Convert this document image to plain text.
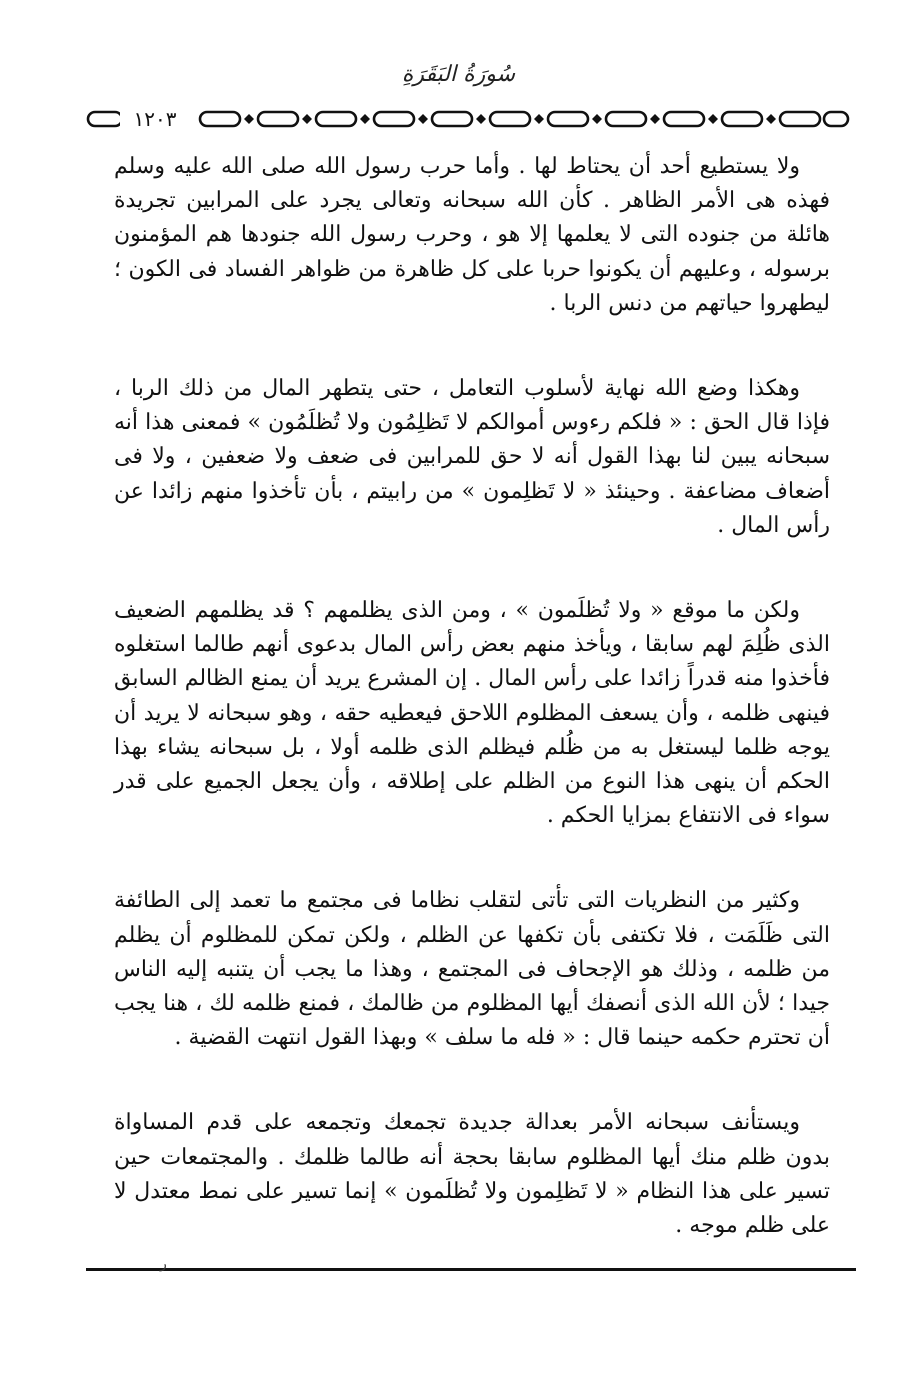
سُورَةُ البَقَرَةِ
١٢٠٣

ولا يستطيع أحد أن يحتاط لها . وأما حرب رسول الله صلى الله عليه وسلم فهذه هى الأمر الظاهر . كأن الله سبحانه وتعالى يجرد على المرابين تجريدة هائلة من جنوده التى لا يعلمها إلا هو ، وحرب رسول الله جنودها هم المؤمنون برسوله ، وعليهم أن يكونوا حربا على كل ظاهرة من ظواهر الفساد فى الكون ؛ ليطهروا حياتهم من دنس الربا .

وهكذا وضع الله نهاية لأسلوب التعامل ، حتى يتطهر المال من ذلك الربا ، فإذا قال الحق : « فلكم رءوس أموالكم لا تَظلِمُون ولا تُظلَمُون » فمعنى هذا أنه سبحانه يبين لنا بهذا القول أنه لا حق للمرابين فى ضعف ولا ضعفين ، ولا فى أضعاف مضاعفة . وحينئذ « لا تَظلِمون » من رابيتم ، بأن تأخذوا منهم زائدا عن رأس المال .

ولكن ما موقع « ولا تُظلَمون » ، ومن الذى يظلمهم ؟ قد يظلمهم الضعيف الذى ظُلِمَ لهم سابقا ، ويأخذ منهم بعض رأس المال بدعوى أنهم طالما استغلوه فأخذوا منه قدراً زائدا على رأس المال . إن المشرع يريد أن يمنع الظالم السابق فينهى ظلمه ، وأن يسعف المظلوم اللاحق فيعطيه حقه ، وهو سبحانه لا يريد أن يوجه ظلما ليستغل به من ظُلم فيظلم الذى ظلمه أولا ، بل سبحانه يشاء بهذا الحكم أن ينهى هذا النوع من الظلم على إطلاقه ، وأن يجعل الجميع على قدر سواء فى الانتفاع بمزايا الحكم .

وكثير من النظريات التى تأتى لتقلب نظاما فى مجتمع ما تعمد إلى الطائفة التى ظَلَمَت ، فلا تكتفى بأن تكفها عن الظلم ، ولكن تمكن للمظلوم أن يظلم من ظلمه ، وذلك هو الإجحاف فى المجتمع ، وهذا ما يجب أن يتنبه إليه الناس جيدا ؛ لأن الله الذى أنصفك أيها المظلوم من ظالمك ، فمنع ظلمه لك ، هنا يجب أن تحترم حكمه حينما قال : « فله ما سلف » وبهذا القول انتهت القضية .

ويستأنف سبحانه الأمر بعدالة جديدة تجمعك وتجمعه على قدم المساواة بدون ظلم منك أيها المظلوم سابقا بحجة أنه طالما ظلمك . والمجتمعات حين تسير على هذا النظام « لا تَظلِمون ولا تُظلَمون » إنما تسير على نمط معتدل لا على ظلم موجه .

ر
